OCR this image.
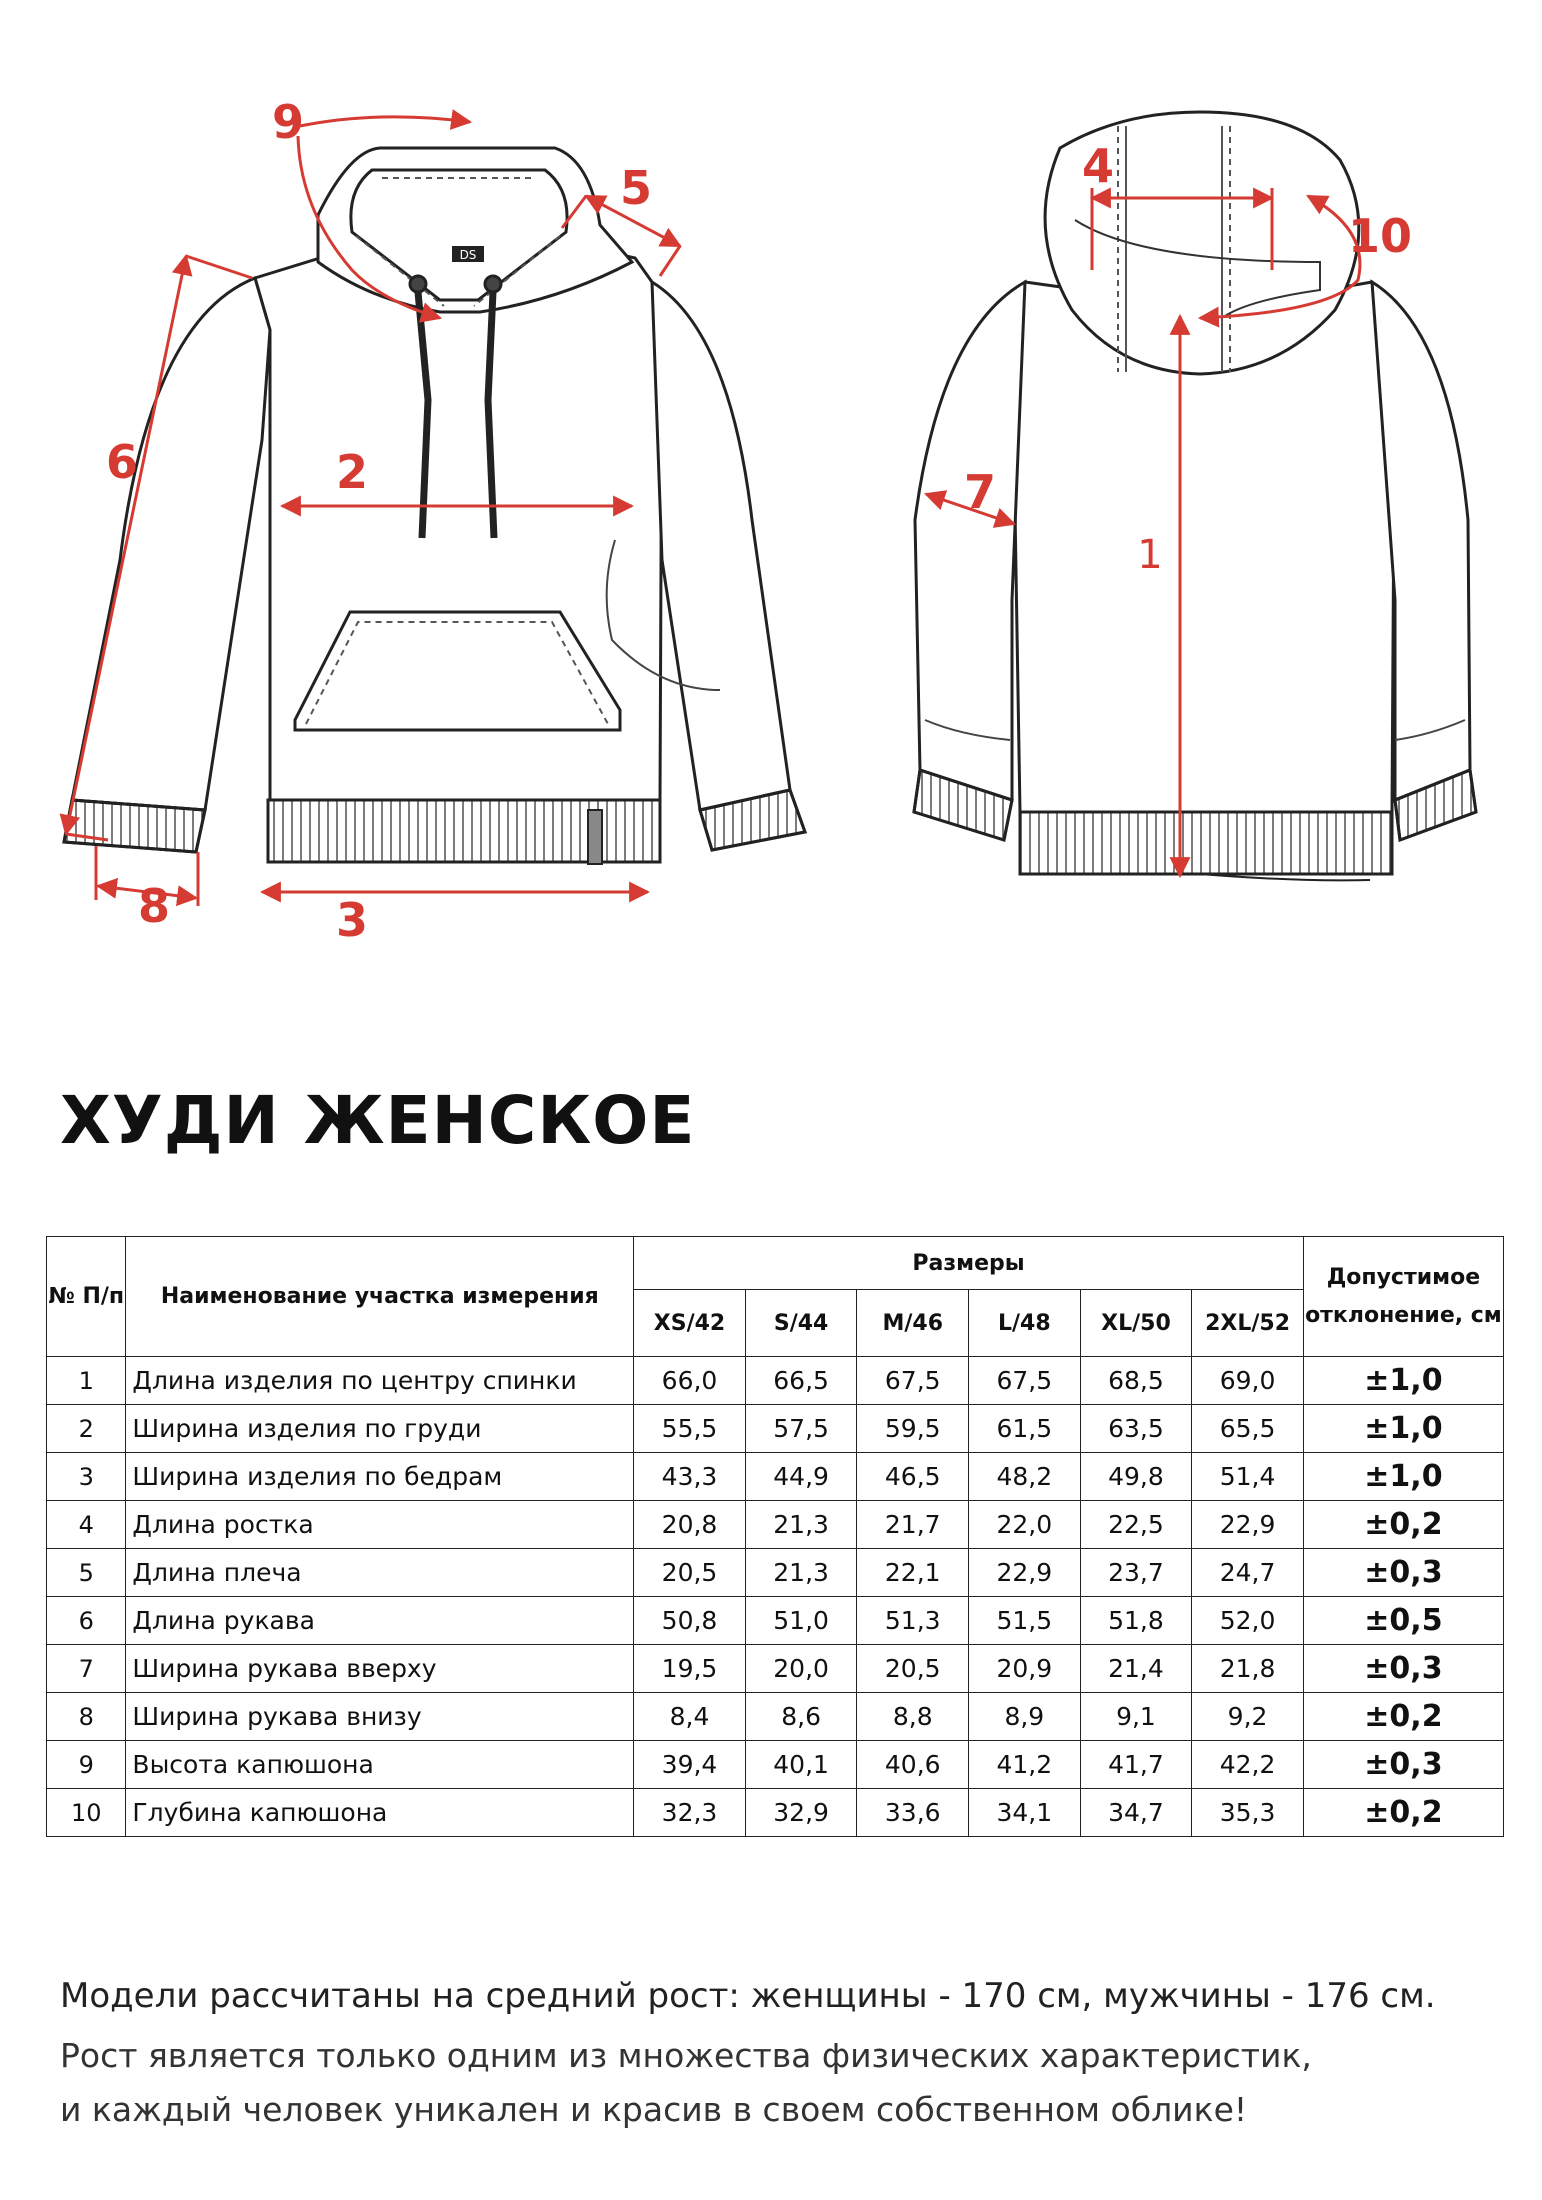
DS
1
2
3
4
5
6
7
8
9
10
ХУДИ ЖЕНСКОЕ
№ П/п	Наименование участка измерения	Размеры						Допустимое отклонение, см
		XS/42	S/44	M/46	L/48	XL/50	2XL/52	
1	Длина изделия по центру спинки	66,0	66,5	67,5	67,5	68,5	69,0	±1,0
2	Ширина изделия по груди	55,5	57,5	59,5	61,5	63,5	65,5	±1,0
3	Ширина изделия по бедрам	43,3	44,9	46,5	48,2	49,8	51,4	±1,0
4	Длина ростка	20,8	21,3	21,7	22,0	22,5	22,9	±0,2
5	Длина плеча	20,5	21,3	22,1	22,9	23,7	24,7	±0,3
6	Длина рукава	50,8	51,0	51,3	51,5	51,8	52,0	±0,5
7	Ширина рукава вверху	19,5	20,0	20,5	20,9	21,4	21,8	±0,3
8	Ширина рукава внизу	8,4	8,6	8,8	8,9	9,1	9,2	±0,2
9	Высота капюшона	39,4	40,1	40,6	41,2	41,7	42,2	±0,3
10	Глубина капюшона	32,3	32,9	33,6	34,1	34,7	35,3	±0,2
Модели рассчитаны на средний рост: женщины - 170 см, мужчины - 176 см.
Рост является только одним из множества физических характеристик,
и каждый человек уникален и красив в своем собственном облике!
